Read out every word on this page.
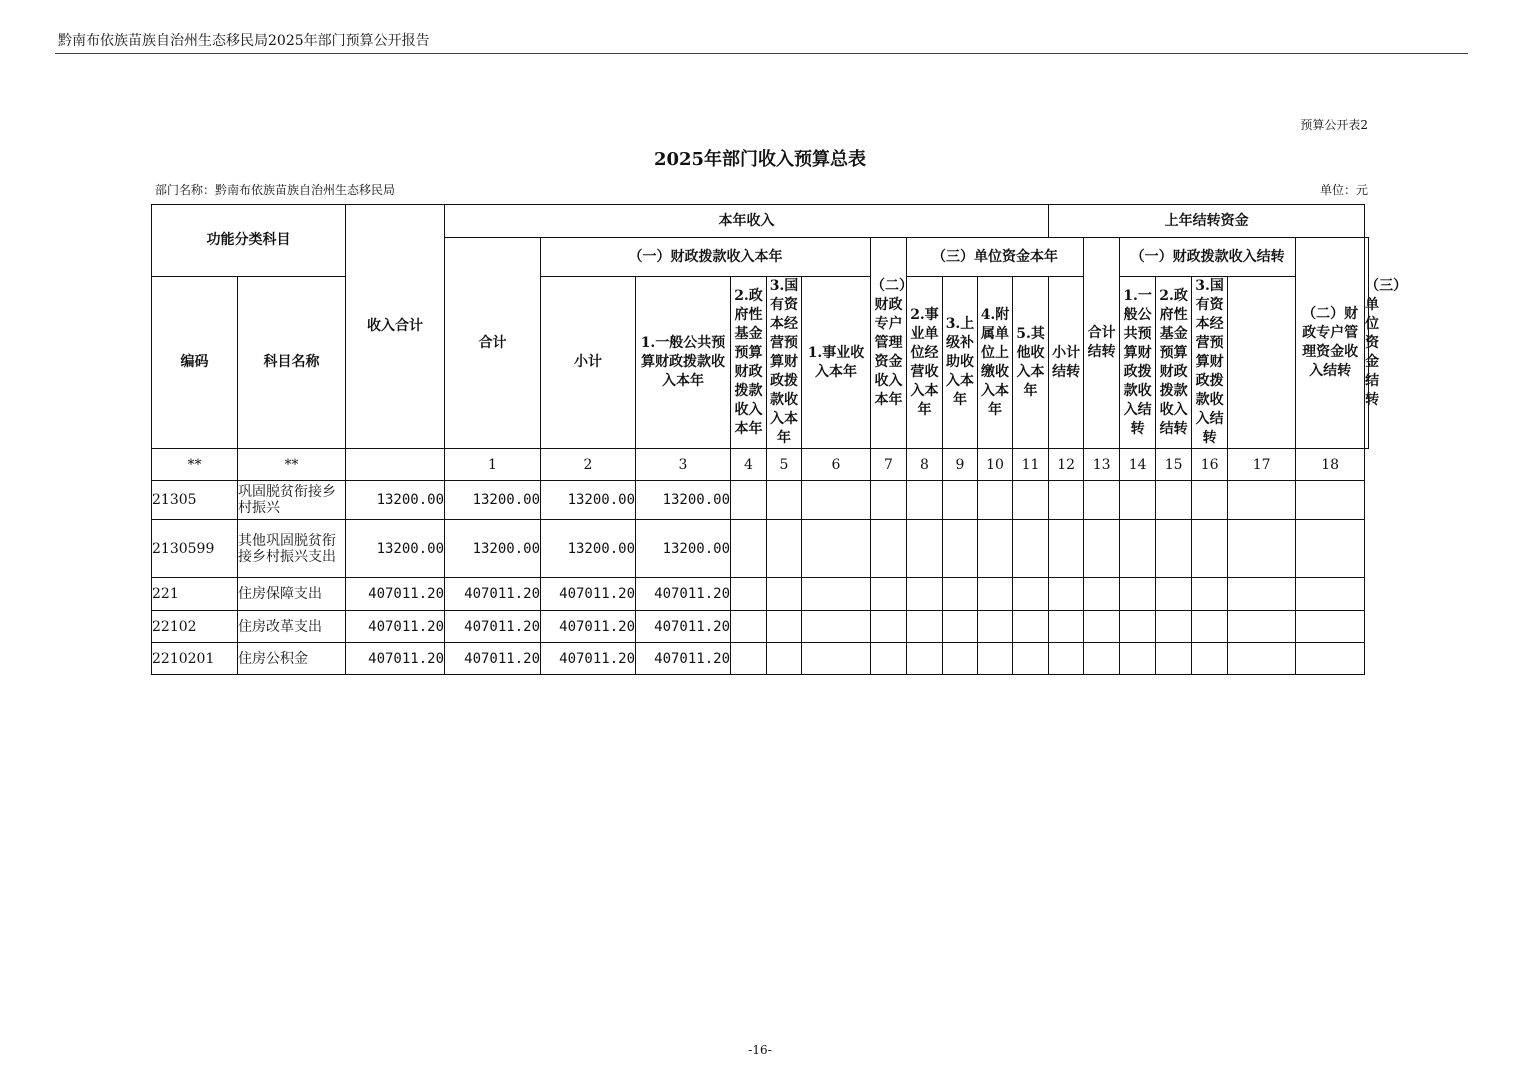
黔南布依族苗族自治州生态移民局2025年部门预算公开报告
预算公开表2
2025年部门收入预算总表
部门名称：黔南布依族苗族自治州生态移民局	单位：元
功能分类科目		收入合计	本年收入											上年结转资金							
			合计	（一）财政拨款收入本年					（二）财政专户管理资金收入本年	（三）单位资金本年					合计结转	（一）财政拨款收入结转				（二）财政专户管理资金收入结转	（三）单位资金结转
编码	科目名称			小计	1.一般公共预算财政拨款收入本年	2.政府性基金预算财政拨款收入本年	3.国有资本经营预算财政拨款收入本年	1.事业收入本年		2.事业单位经营收入本年	3.上级补助收入本年	4.附属单位上缴收入本年	5.其他收入本年	小计结转		1.一般公共预算财政拨款收入结转	2.政府性基金预算财政拨款收入结转	3.国有资本经营预算财政拨款收入结转			
**	**		1	2	3	4	5	6	7	8	9	10	11	12	13	14	15	16	17	18	
21305	巩固脱贫衔接乡村振兴	13200.00	13200.00	13200.00	13200.00																
2130599	其他巩固脱贫衔接乡村振兴支出	13200.00	13200.00	13200.00	13200.00																
221	住房保障支出	407011.20	407011.20	407011.20	407011.20																
22102	住房改革支出	407011.20	407011.20	407011.20	407011.20																
2210201	住房公积金	407011.20	407011.20	407011.20	407011.20																
-16-
